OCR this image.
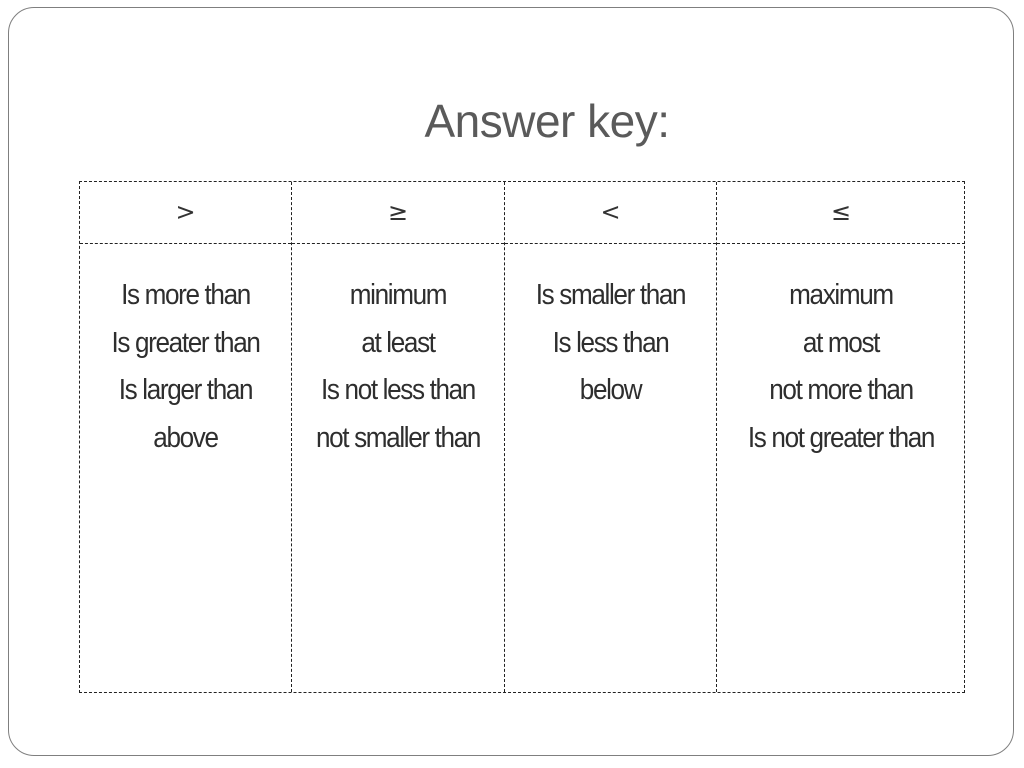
Answer key:
>
Is more than
Is greater than
Is larger than
above
≥
minimum
at least
Is not less than
not smaller than
<
Is smaller than
Is less than
below
≤
maximum
at most
not more than
Is not greater than
